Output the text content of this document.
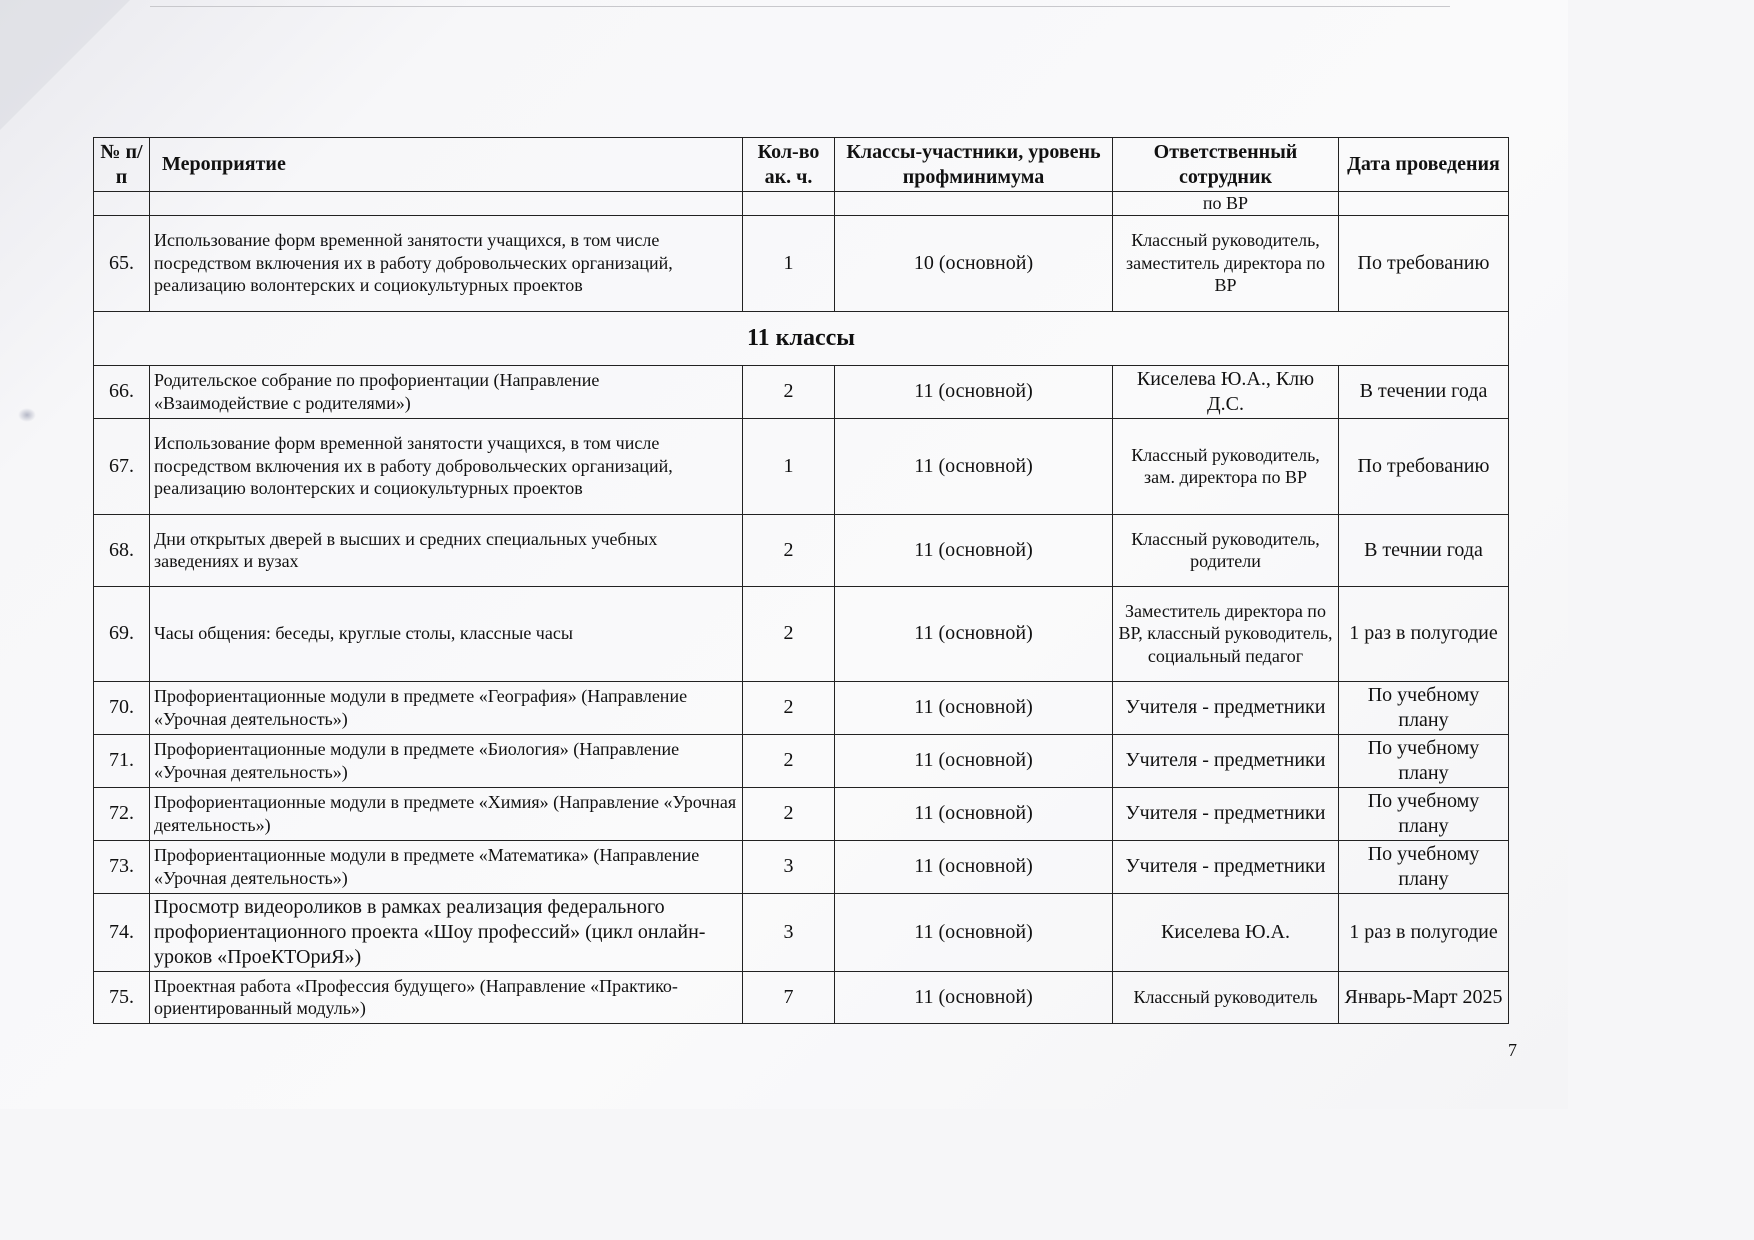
№ п/п	Мероприятие	Кол-во ак. ч.	Классы-участники, уровень профминимума	Ответственный сотрудник	Дата проведения
				по ВР	
65.	Использование форм временной занятости учащихся, в том числе посредством включения их в работу добровольческих организаций, реализацию волонтерских и социокультурных проектов	1	10 (основной)	Классный руководитель, заместитель директора по ВР	По требованию
11 классы					
66.	Родительское собрание по профориентации (Направление «Взаимодействие с родителями»)	2	11 (основной)	Киселева Ю.А., Клю Д.С.	В течении года
67.	Использование форм временной занятости учащихся, в том числе посредством включения их в работу добровольческих организаций, реализацию волонтерских и социокультурных проектов	1	11 (основной)	Классный руководитель, зам. директора по ВР	По требованию
68.	Дни открытых дверей в высших и средних специальных учебных заведениях и вузах	2	11 (основной)	Классный руководитель, родители	В течнии года
69.	Часы общения: беседы, круглые столы, классные часы	2	11 (основной)	Заместитель директора по ВР, классный руководитель, социальный педагог	1 раз в полугодие
70.	Профориентационные модули в предмете «География» (Направление «Урочная деятельность»)	2	11 (основной)	Учителя - предметники	По учебному плану
71.	Профориентационные модули в предмете «Биология» (Направление «Урочная деятельность»)	2	11 (основной)	Учителя - предметники	По учебному плану
72.	Профориентационные модули в предмете «Химия» (Направление «Урочная деятельность»)	2	11 (основной)	Учителя - предметники	По учебному плану
73.	Профориентационные модули в предмете «Математика» (Направление «Урочная деятельность»)	3	11 (основной)	Учителя - предметники	По учебному плану
74.	Просмотр видеороликов в рамках реализация федерального профориентационного проекта «Шоу профессий» (цикл онлайн-уроков «ПроеКТОриЯ»)	3	11 (основной)	Киселева Ю.А.	1 раз в полугодие
75.	Проектная работа «Профессия будущего» (Направление «Практико-ориентированный модуль»)	7	11 (основной)	Классный руководитель	Январь-Март 2025
7
